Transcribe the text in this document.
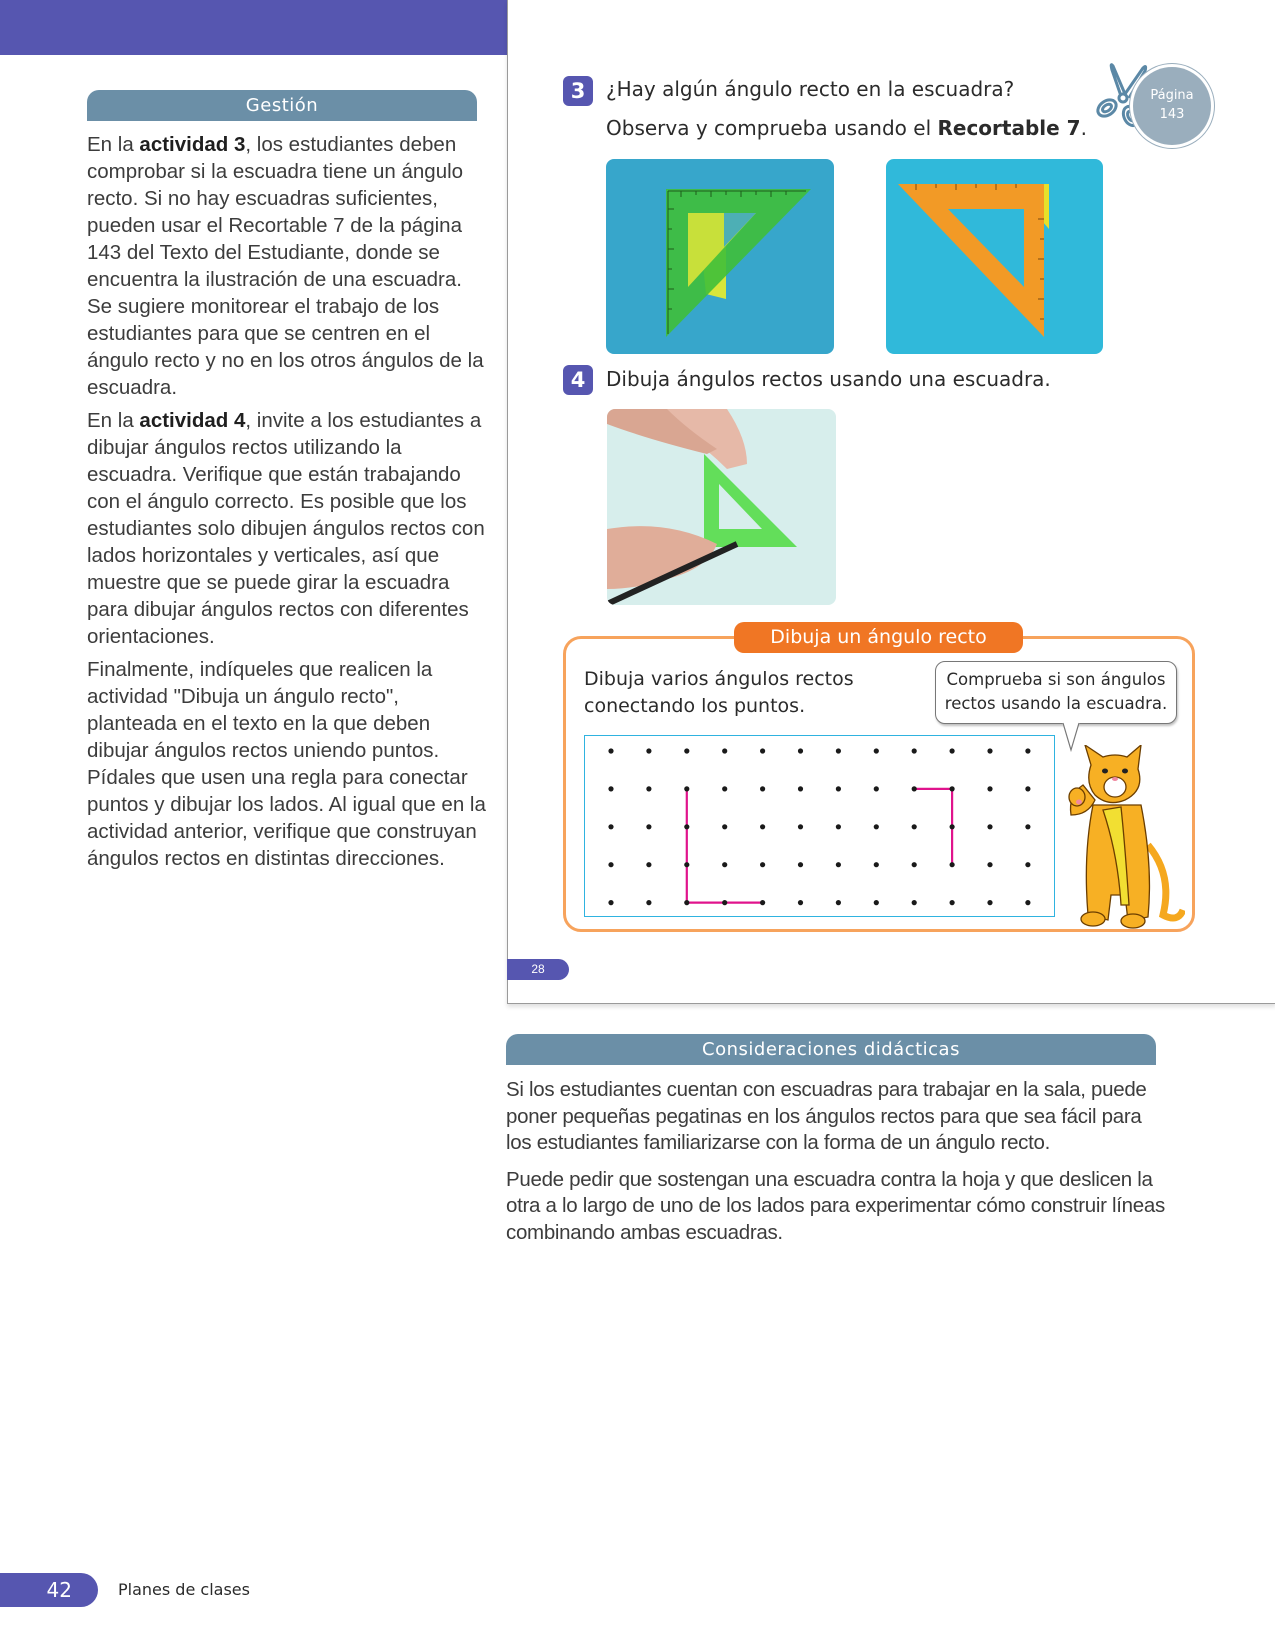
Gestión

En la actividad 3, los estudiantes deben comprobar si la escuadra tiene un ángulo recto. Si no hay escuadras suficientes, pueden usar el Recortable 7 de la página 143 del Texto del Estudiante, donde se encuentra la ilustración de una escuadra. Se sugiere monitorear el trabajo de los estudiantes para que se centren en el ángulo recto y no en los otros ángulos de la escuadra.

En la actividad 4, invite a los estudiantes a dibujar ángulos rectos utilizando la escuadra. Verifique que están trabajando con el ángulo correcto. Es posible que los estudiantes solo dibujen ángulos rectos con lados horizontales y verticales, así que muestre que se puede girar la escuadra para dibujar ángulos rectos con diferentes orientaciones.

Finalmente, indíqueles que realicen la actividad "Dibuja un ángulo recto", planteada en el texto en la que deben dibujar ángulos rectos uniendo puntos. Pídales que usen una regla para conectar puntos y dibujar los lados. Al igual que en la actividad anterior, verifique que construyan ángulos rectos en distintas direcciones.

3	¿Hay algún ángulo recto en la escuadra?
Observa y comprueba usando el Recortable 7.
Página
143
4	Dibuja ángulos rectos usando una escuadra.
Dibuja un ángulo recto
Dibuja varios ángulos rectos
conectando los puntos.
Comprueba si son ángulos
rectos usando la escuadra.
28
Consideraciones didácticas

Si los estudiantes cuentan con escuadras para trabajar en la sala, puede poner pequeñas pegatinas en los ángulos rectos para que sea fácil para los estudiantes familiarizarse con la forma de un ángulo recto.

Puede pedir que sostengan una escuadra contra la hoja y que deslicen la otra a lo largo de uno de los lados para experimentar cómo construir líneas combinando ambas escuadras.

42	Planes de clases
